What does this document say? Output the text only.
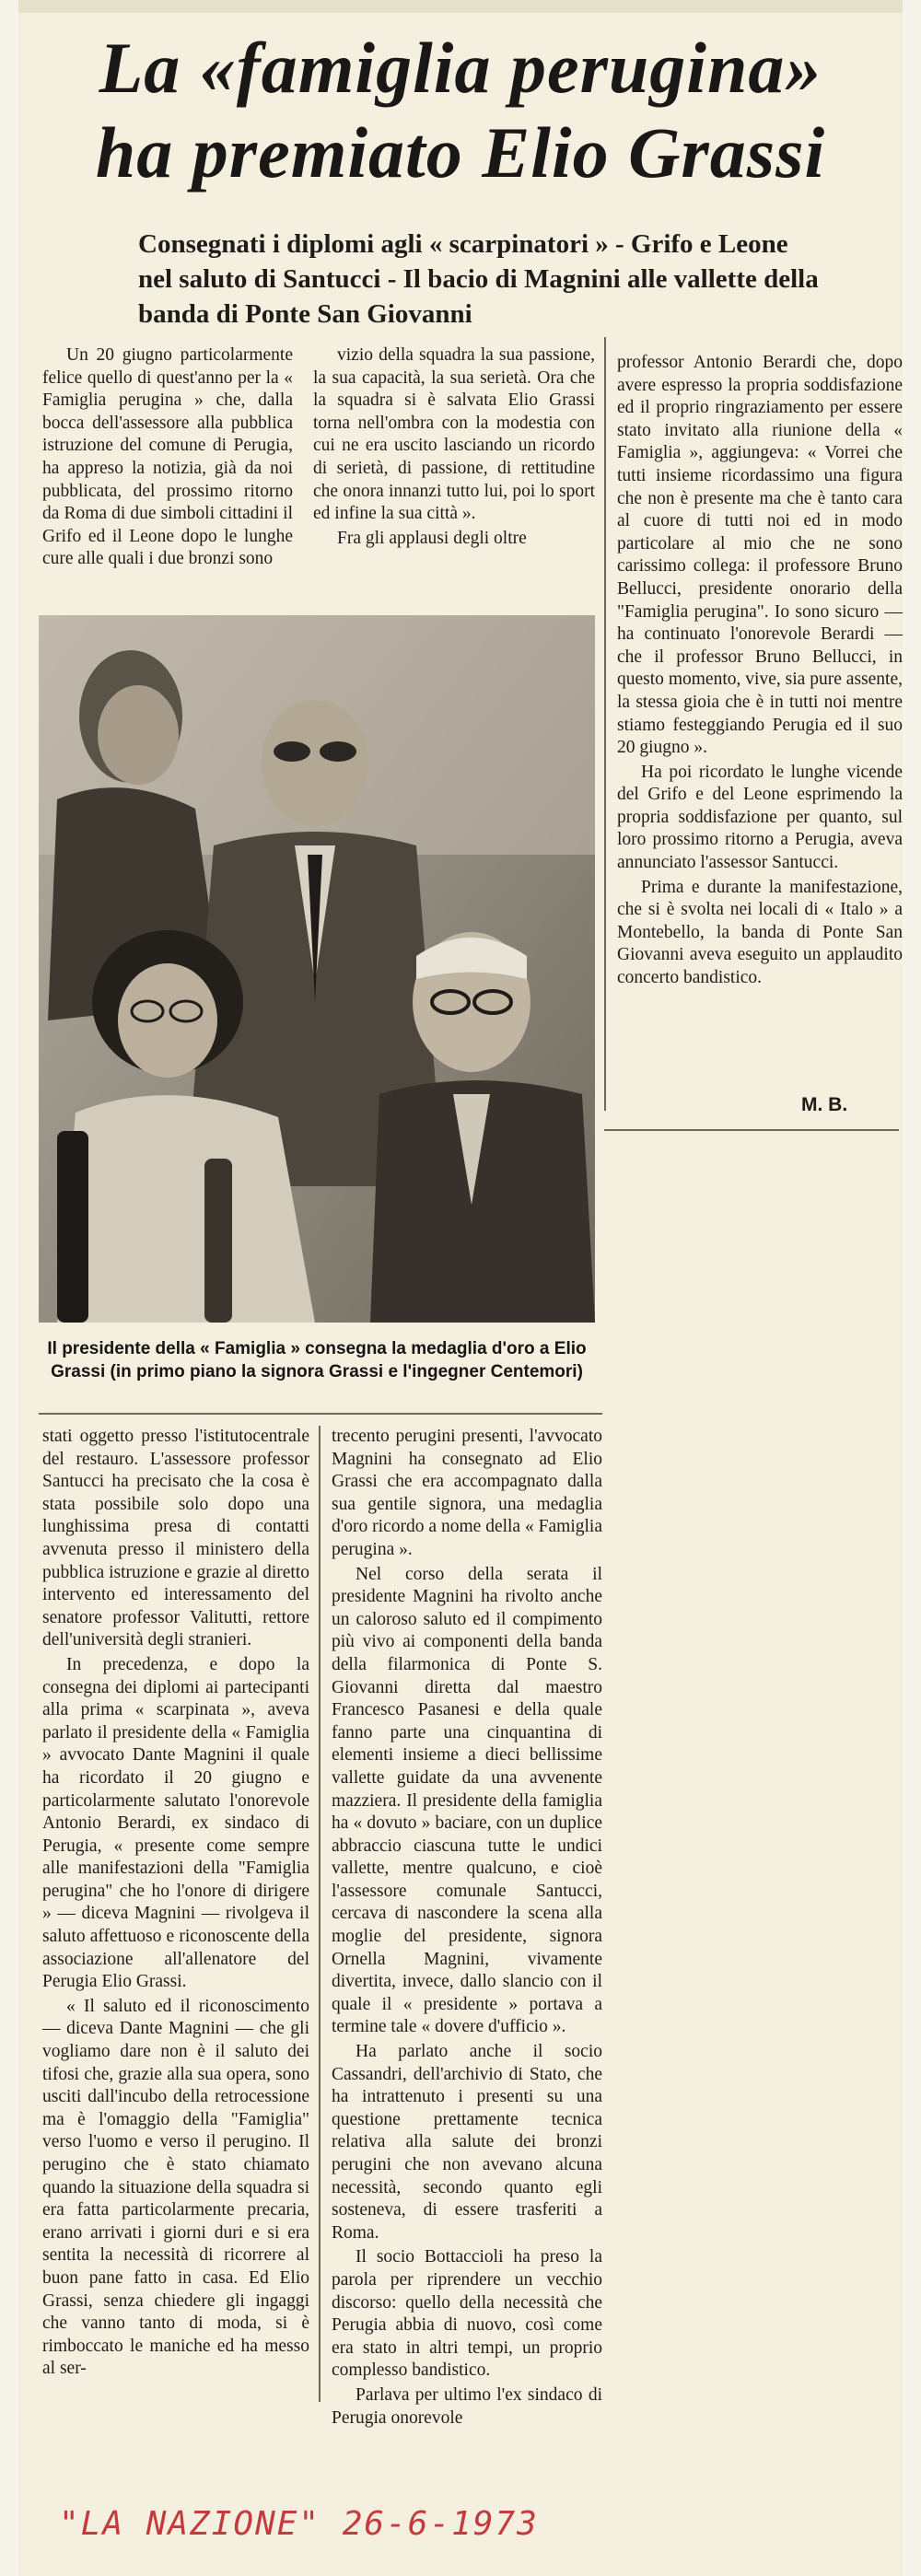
La «famiglia perugina»
ha premiato Elio Grassi
Consegnati i diplomi agli « scarpinatori » - Grifo e Leone nel saluto di Santucci - Il bacio di Magnini alle vallette della banda di Ponte San Giovanni

Un 20 giugno particolarmente felice quello di quest'anno per la « Famiglia perugina » che, dalla bocca dell'assessore alla pubblica istruzione del comune di Perugia, ha appreso la notizia, già da noi pubblicata, del prossimo ritorno da Roma di due simboli cittadini il Grifo ed il Leone dopo le lunghe cure alle quali i due bronzi sono

vizio della squadra la sua passione, la sua capacità, la sua serietà. Ora che la squadra si è salvata Elio Grassi torna nell'ombra con la modestia con cui ne era uscito lasciando un ricordo di serietà, di passione, di rettitudine che onora innanzi tutto lui, poi lo sport ed infine la sua città ».

Fra gli applausi degli oltre

professor Antonio Berardi che, dopo avere espresso la propria soddisfazione ed il proprio ringraziamento per essere stato invitato alla riunione della « Famiglia », aggiungeva: « Vorrei che tutti insieme ricordassimo una figura che non è presente ma che è tanto cara al cuore di tutti noi ed in modo particolare al mio che ne sono carissimo collega: il professore Bruno Bellucci, presidente onorario della "Famiglia perugina". Io sono sicuro — ha continuato l'onorevole Berardi — che il professor Bruno Bellucci, in questo momento, vive, sia pure assente, la stessa gioia che è in tutti noi mentre stiamo festeggiando Perugia ed il suo 20 giugno ».

Ha poi ricordato le lunghe vicende del Grifo e del Leone esprimendo la propria soddisfazione per quanto, sul loro prossimo ritorno a Perugia, aveva annunciato l'assessor Santucci.

Prima e durante la manifestazione, che si è svolta nei locali di « Italo » a Montebello, la banda di Ponte San Giovanni aveva eseguito un applaudito concerto bandistico.

M. B.
Il presidente della « Famiglia » consegna la medaglia d'oro a Elio Grassi (in primo piano la signora Grassi e l'ingegner Centemori)

stati oggetto presso l'istitutocentrale del restauro. L'assessore professor Santucci ha precisato che la cosa è stata possibile solo dopo una lunghissima presa di contatti avvenuta presso il ministero della pubblica istruzione e grazie al diretto intervento ed interessamento del senatore professor Valitutti, rettore dell'università degli stranieri.

In precedenza, e dopo la consegna dei diplomi ai partecipanti alla prima « scarpinata », aveva parlato il presidente della « Famiglia » avvocato Dante Magnini il quale ha ricordato il 20 giugno e particolarmente salutato l'onorevole Antonio Berardi, ex sindaco di Perugia, « presente come sempre alle manifestazioni della "Famiglia perugina" che ho l'onore di dirigere » — diceva Magnini — rivolgeva il saluto affettuoso e riconoscente della associazione all'allenatore del Perugia Elio Grassi.

« Il saluto ed il riconoscimento — diceva Dante Magnini — che gli vogliamo dare non è il saluto dei tifosi che, grazie alla sua opera, sono usciti dall'incubo della retrocessione ma è l'omaggio della "Famiglia" verso l'uomo e verso il perugino. Il perugino che è stato chiamato quando la situazione della squadra si era fatta particolarmente precaria, erano arrivati i giorni duri e si era sentita la necessità di ricorrere al buon pane fatto in casa. Ed Elio Grassi, senza chiedere gli ingaggi che vanno tanto di moda, si è rimboccato le maniche ed ha messo al ser-

trecento perugini presenti, l'avvocato Magnini ha consegnato ad Elio Grassi che era accompagnato dalla sua gentile signora, una medaglia d'oro ricordo a nome della « Famiglia perugina ».

Nel corso della serata il presidente Magnini ha rivolto anche un caloroso saluto ed il compimento più vivo ai componenti della banda della filarmonica di Ponte S. Giovanni diretta dal maestro Francesco Pasanesi e della quale fanno parte una cinquantina di elementi insieme a dieci bellissime vallette guidate da una avvenente mazziera. Il presidente della famiglia ha « dovuto » baciare, con un duplice abbraccio ciascuna tutte le undici vallette, mentre qualcuno, e cioè l'assessore comunale Santucci, cercava di nascondere la scena alla moglie del presidente, signora Ornella Magnini, vivamente divertita, invece, dallo slancio con il quale il « presidente » portava a termine tale « dovere d'ufficio ».

Ha parlato anche il socio Cassandri, dell'archivio di Stato, che ha intrattenuto i presenti su una questione prettamente tecnica relativa alla salute dei bronzi perugini che non avevano alcuna necessità, secondo quanto egli sosteneva, di essere trasferiti a Roma.

Il socio Bottaccioli ha preso la parola per riprendere un vecchio discorso: quello della necessità che Perugia abbia di nuovo, così come era stato in altri tempi, un proprio complesso bandistico.

Parlava per ultimo l'ex sindaco di Perugia onorevole

"LA NAZIONE" 26-6-1973
